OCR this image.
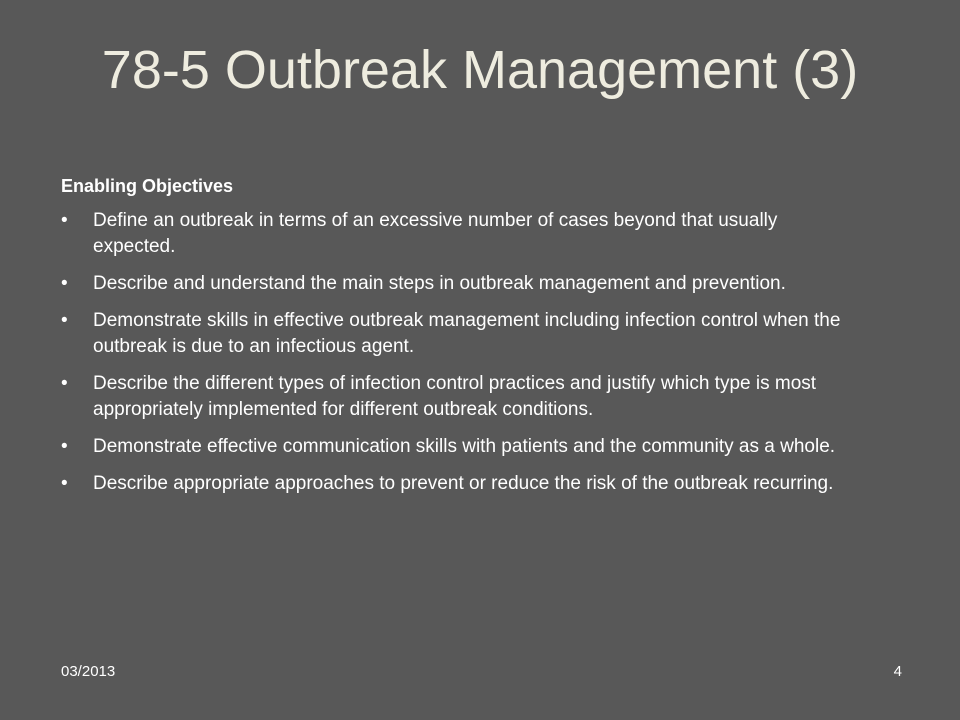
78-5 Outbreak Management (3)
Enabling Objectives
• Define an outbreak in terms of an excessive number of cases beyond that usually expected.
• Describe and understand the main steps in outbreak management and prevention.
• Demonstrate skills in effective outbreak management including infection control when the outbreak is due to an infectious agent.
• Describe the different types of infection control practices and justify which type is most appropriately implemented for different outbreak conditions.
• Demonstrate effective communication skills with patients and the community as a whole.
• Describe appropriate approaches to prevent or reduce the risk of the outbreak recurring.
03/2013	4
